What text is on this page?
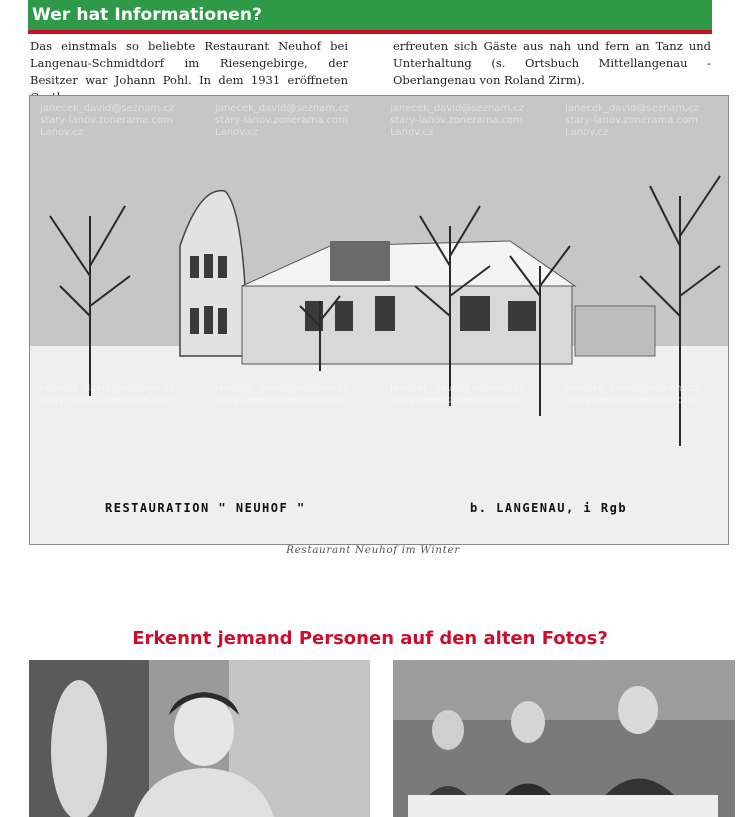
Wer hat Informationen?
Das einstmals so beliebte Restaurant Neuhof bei Langenau-Schmidtdorf im Riesengebirge, der Besitzer war Johann Pohl. In dem 1931 eröffneten
erfreuten sich Gäste aus nah und fern an Tanz und Unterhaltung (s. Ortsbuch Mittellangenau - Oberlangenau von Roland Zirm).
janecek_david@seznam.cz
stary-lanov.zonerama.com
Lanov.cz
janecek_david@seznam.cz
stary-lanov.zonerama.com
Lanov.cz
janecek_david@seznam.cz
stary-lanov.zonerama.com
Lanov.cz
janecek_david@seznam.cz
stary-lanov.zonerama.com
Lanov.cz
janecek_david@seznam.cz
stary-lanov.zonerama.com
janecek_david@seznam.cz
stary-lanov.zonerama.com
janecek_david@seznam.cz
stary-lanov.zonerama.com
janecek_david@seznam.cz
stary-lanov.zonerama.com
RESTAURATION " NEUHOF "	b. LANGENAU, i Rgb
Restaurant Neuhof im Winter
Erkennt jemand Personen auf den alten Fotos?
